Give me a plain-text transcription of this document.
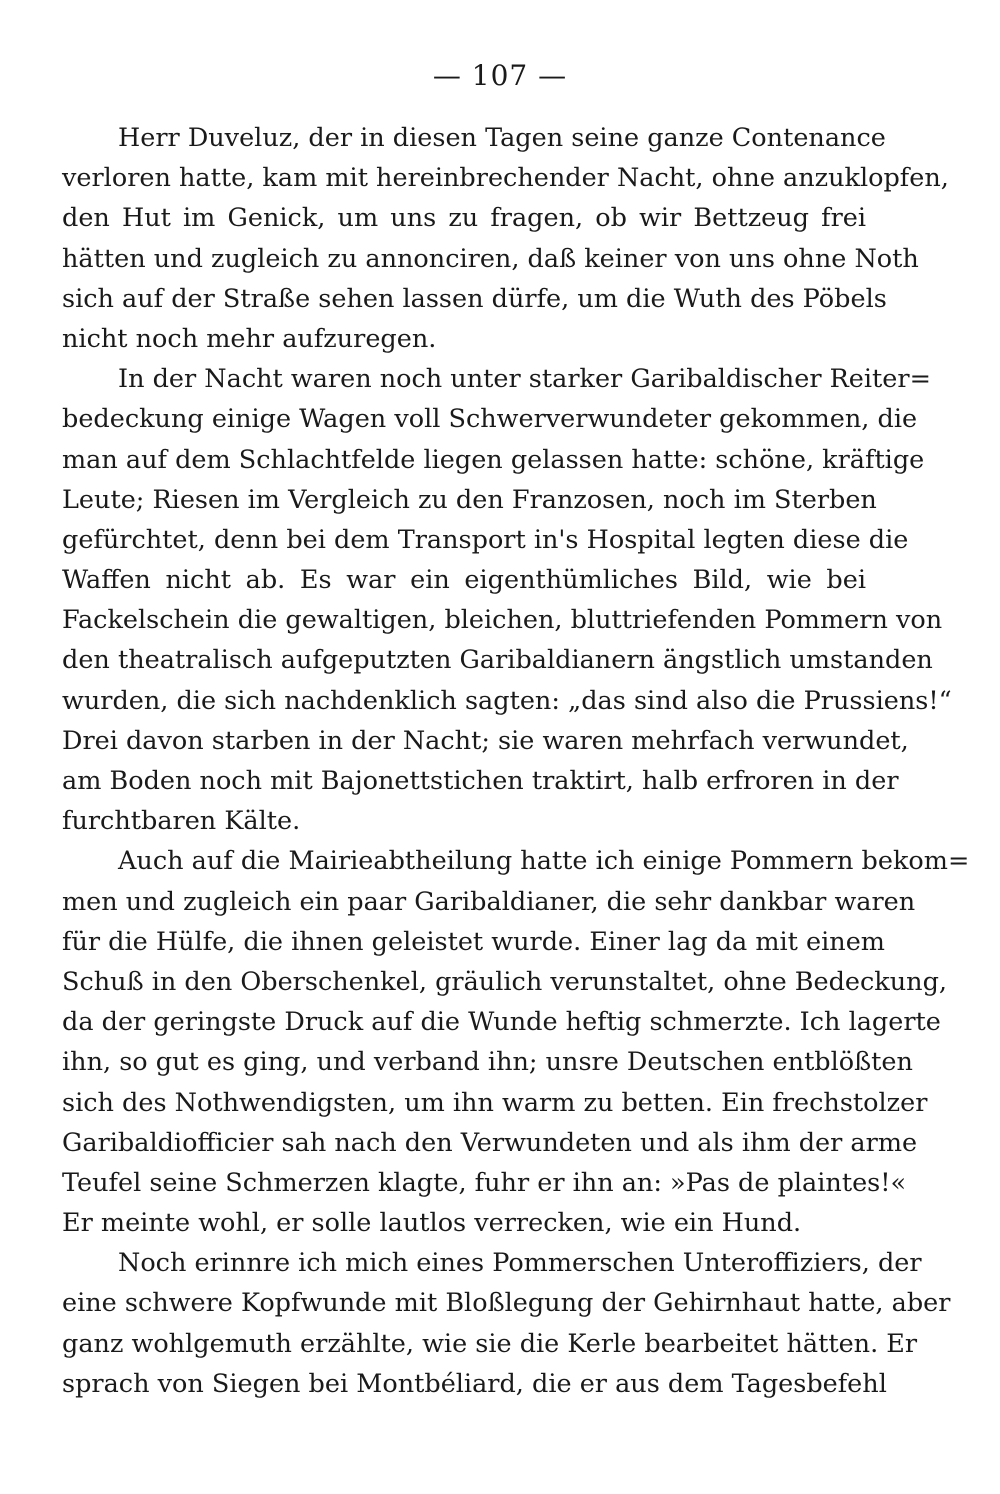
— 107 —
Herr Duveluz, der in diesen Tagen seine ganze Contenance
verloren hatte, kam mit hereinbrechender Nacht, ohne anzuklopfen,
den Hut im Genick, um uns zu fragen, ob wir Bettzeug frei
hätten und zugleich zu annonciren, daß keiner von uns ohne Noth
sich auf der Straße sehen lassen dürfe, um die Wuth des Pöbels
nicht noch mehr aufzuregen.
In der Nacht waren noch unter starker Garibaldischer Reiter=
bedeckung einige Wagen voll Schwerverwundeter gekommen, die
man auf dem Schlachtfelde liegen gelassen hatte: schöne, kräftige
Leute; Riesen im Vergleich zu den Franzosen, noch im Sterben
gefürchtet, denn bei dem Transport in's Hospital legten diese die
Waffen nicht ab. Es war ein eigenthümliches Bild, wie bei
Fackelschein die gewaltigen, bleichen, bluttriefenden Pommern von
den theatralisch aufgeputzten Garibaldianern ängstlich umstanden
wurden, die sich nachdenklich sagten: „das sind also die Prussiens!“
Drei davon starben in der Nacht; sie waren mehrfach verwundet,
am Boden noch mit Bajonettstichen traktirt, halb erfroren in der
furchtbaren Kälte.
Auch auf die Mairieabtheilung hatte ich einige Pommern bekom=
men und zugleich ein paar Garibaldianer, die sehr dankbar waren
für die Hülfe, die ihnen geleistet wurde. Einer lag da mit einem
Schuß in den Oberschenkel, gräulich verunstaltet, ohne Bedeckung,
da der geringste Druck auf die Wunde heftig schmerzte. Ich lagerte
ihn, so gut es ging, und verband ihn; unsre Deutschen entblößten
sich des Nothwendigsten, um ihn warm zu betten. Ein frechstolzer
Garibaldiofficier sah nach den Verwundeten und als ihm der arme
Teufel seine Schmerzen klagte, fuhr er ihn an: »Pas de plaintes!«
Er meinte wohl, er solle lautlos verrecken, wie ein Hund.
Noch erinnre ich mich eines Pommerschen Unteroffiziers, der
eine schwere Kopfwunde mit Bloßlegung der Gehirnhaut hatte, aber
ganz wohlgemuth erzählte, wie sie die Kerle bearbeitet hätten. Er
sprach von Siegen bei Montbéliard, die er aus dem Tagesbefehl
